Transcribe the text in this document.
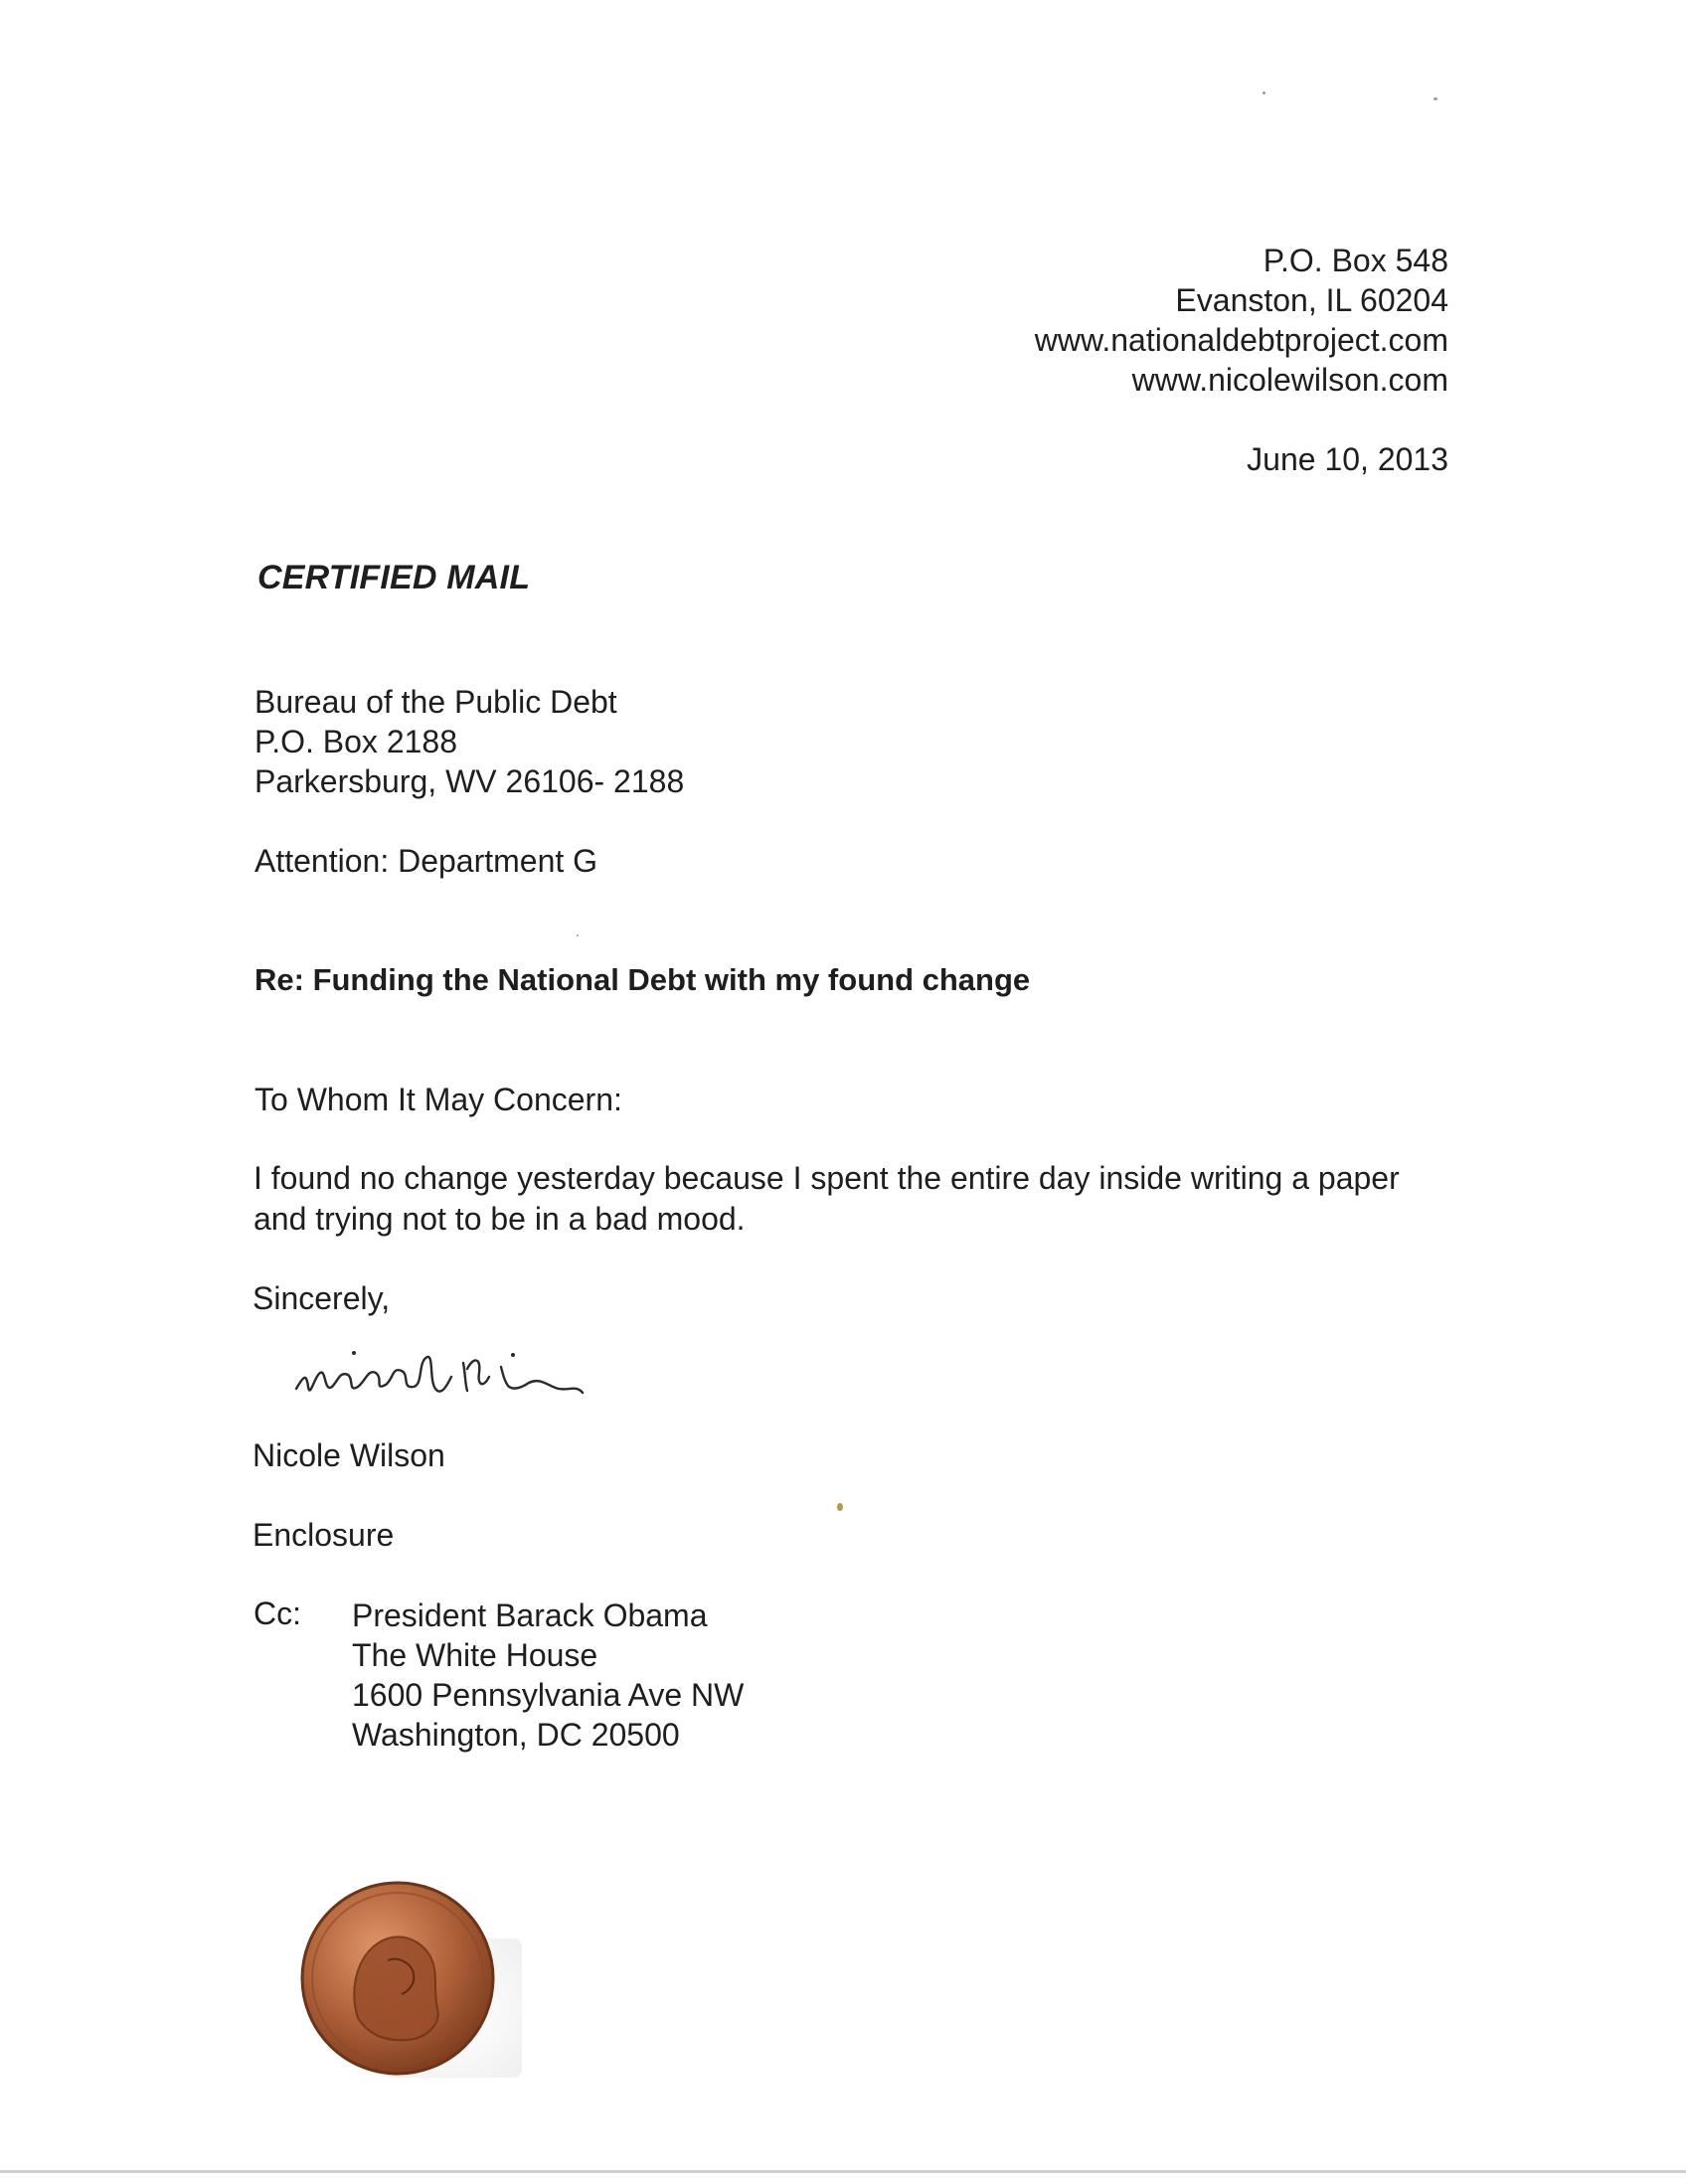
P.O. Box 548
Evanston, IL 60204
www.nationaldebtproject.com
www.nicolewilson.com
June 10, 2013
CERTIFIED MAIL
Bureau of the Public Debt
P.O. Box 2188
Parkersburg, WV 26106- 2188
Attention: Department G
Re: Funding the National Debt with my found change
To Whom It May Concern:
I found no change yesterday because I spent the entire day inside writing a paper
and trying not to be in a bad mood.
Sincerely,
Nicole Wilson
Enclosure
Cc: President Barack Obama
The White House
1600 Pennsylvania Ave NW
Washington, DC 20500
